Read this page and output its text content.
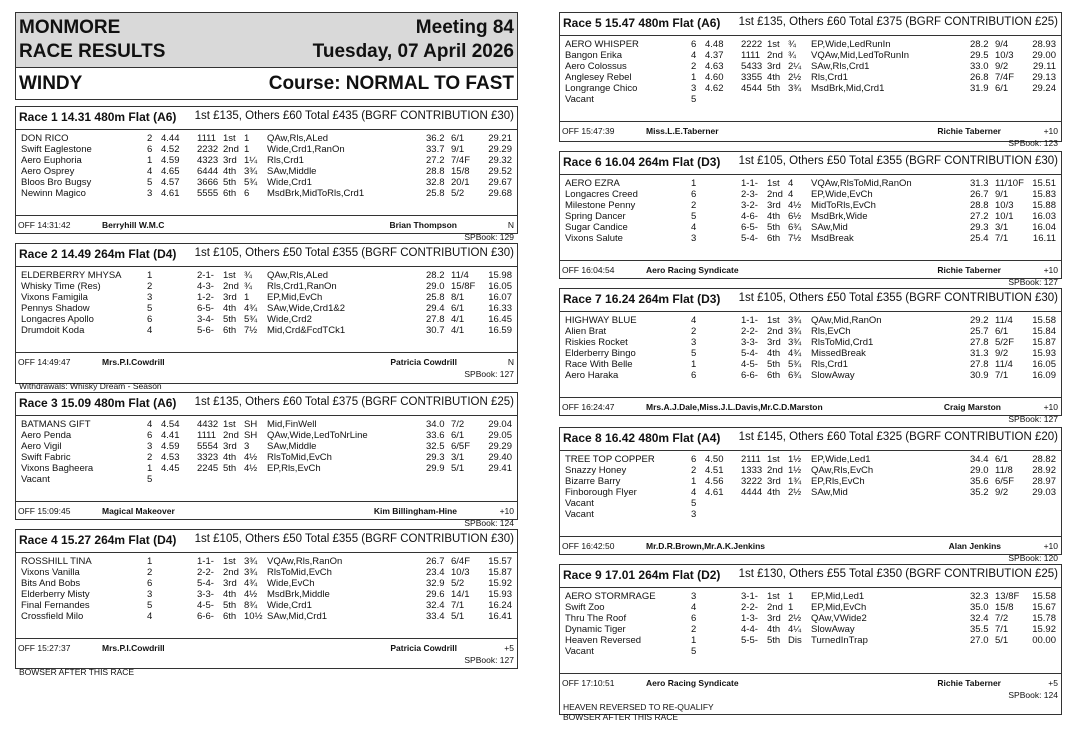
MONMORE
RACE RESULTS
Meeting 84
Tuesday, 07 April 2026
WINDY	Course: NORMAL TO FAST
Race 1 14.31 480m Flat (A6) 1st £135, Others £60 Total £435 (BGRF CONTRIBUTION £30)
DON RICO	2 4.44 1111 1st 1 QAw,Rls,ALed	36.2 6/1	29.21
Swift Eaglestone	6 4.52 2232 2nd 1 Wide,Crd1,RanOn	33.7 9/1	29.29
Aero Euphoria	1 4.59 4323 3rd 1¼ Rls,Crd1	27.2 7/4F 29.32
Aero Osprey	4 4.65 6444 4th 3¾ SAw,Middle	28.8 15/8 29.52
Bloos Bro Bugsy	5 4.57 3666 5th 5¾ Wide,Crd1	32.8 20/1 29.67
Newinn Magico	3 4.61 5555 6th 6 MsdBrk,MidToRls,Crd1	25.8 5/2	29.68
OFF 14:31:42	Berryhill W.M.C	Brian Thompson	N
SPBook: 129
Race 2 14.49 264m Flat (D4) 1st £105, Others £50 Total £355 (BGRF CONTRIBUTION £30)
ELDERBERRY MHYSA	1	2-1- 1st ¾ QAw,Rls,ALed	28.2 11/4 15.98
Whisky Time (Res)	2	4-3- 2nd ¾ Rls,Crd1,RanOn	29.0 15/8F 16.05
Vixons Famigila	3	1-2- 3rd 1 EP,Mid,EvCh	25.8 8/1	16.07
Pennys Shadow	5	6-5- 4th 4¾ SAw,Wide,Crd1&2	29.4 6/1	16.33
Longacres Apollo	6	3-4- 5th 5¾ Wide,Crd2	27.8 4/1	16.45
Drumdoit Koda	4	5-6- 6th 7½ Mid,Crd&FcdTCk1	30.7 4/1	16.59
OFF 14:49:47	Mrs.P.I.Cowdrill	Patricia Cowdrill	N
SPBook: 127
Withdrawals: Whisky Dream - Season
Race 3 15.09 480m Flat (A6) 1st £135, Others £60 Total £375 (BGRF CONTRIBUTION £25)
BATMANS GIFT	4 4.54 4432 1st SH Mid,FinWell	34.0 7/2	29.04
Aero Penda	6 4.41 1111 2nd SH QAw,Wide,LedToNrLine	33.6 6/1	29.05
Aero Vigil	3 4.59 5554 3rd 3 SAw,Middle	32.5 6/5F 29.29
Swift Fabric	2 4.53 3323 4th 4½ RlsToMid,EvCh	29.3 3/1	29.40
Vixons Bagheera	1 4.45 2245 5th 4½ EP,Rls,EvCh	29.9 5/1	29.41
Vacant	5
OFF 15:09:45	Magical Makeover	Kim Billingham-Hine	+10
SPBook: 124
Race 4 15.27 264m Flat (D4) 1st £105, Others £50 Total £355 (BGRF CONTRIBUTION £30)
ROSSHILL TINA	1	1-1- 1st 3¾ VQAw,Rls,RanOn	26.7 6/4F 15.57
Vixons Vanilla	2	2-2- 2nd 3¾ RlsToMid,EvCh	23.4 10/3 15.87
Bits And Bobs	6	5-4- 3rd 4¾ Wide,EvCh	32.9 5/2	15.92
Elderberry Misty	3	3-3- 4th 4½ MsdBrk,Middle	29.6 14/1 15.93
Final Fernandes	5	4-5- 5th 8¾ Wide,Crd1	32.4 7/1	16.24
Crossfield Milo	4	6-6- 6th 10½ SAw,Mid,Crd1	33.4 5/1	16.41
OFF 15:27:37	Mrs.P.I.Cowdrill	Patricia Cowdrill	+5
SPBook: 127
BOWSER AFTER THIS RACE
Race 5 15.47 480m Flat (A6) 1st £135, Others £60 Total £375 (BGRF CONTRIBUTION £25)
AERO WHISPER	6 4.48 2222 1st ¾ EP,Wide,LedRunIn	28.2 9/4	28.93
Bangon Erika	4 4.37 1111 2nd ¾ VQAw,Mid,LedToRunIn	29.5 10/3 29.00
Aero Colossus	2 4.63 5433 3rd 2¼ SAw,Rls,Crd1	33.0 9/2	29.11
Anglesey Rebel	1 4.60 3355 4th 2½ Rls,Crd1	26.8 7/4F 29.13
Longrange Chico	3 4.62 4544 5th 3¾ MsdBrk,Mid,Crd1	31.9 6/1	29.24
Vacant	5
OFF 15:47:39	Miss.L.E.Taberner	Richie Taberner	+10
SPBook: 123
Race 6 16.04 264m Flat (D3) 1st £105, Others £50 Total £355 (BGRF CONTRIBUTION £30)
AERO EZRA	1	1-1- 1st 4 VQAw,RlsToMid,RanOn	31.3 11/10F 15.51
Longacres Creed	6	2-3- 2nd 4 EP,Wide,EvCh	26.7 9/1	15.83
Milestone Penny	2	3-2- 3rd 4½ MidToRls,EvCh	28.8 10/3 15.88
Spring Dancer	5	4-6- 4th 6½ MsdBrk,Wide	27.2 10/1 16.03
Sugar Candice	4	6-5- 5th 6¾ SAw,Mid	29.3 3/1	16.04
Vixons Salute	3	5-4- 6th 7½ MsdBreak	25.4 7/1	16.11
OFF 16:04:54	Aero Racing Syndicate	Richie Taberner	+10
SPBook: 127
Race 7 16.24 264m Flat (D3) 1st £105, Others £50 Total £355 (BGRF CONTRIBUTION £30)
HIGHWAY BLUE	4	1-1- 1st 3¾ QAw,Mid,RanOn	29.2 11/4 15.58
Alien Brat	2	2-2- 2nd 3¾ Rls,EvCh	25.7 6/1	15.84
Riskies Rocket	3	3-3- 3rd 3¾ RlsToMid,Crd1	27.8 5/2F 15.87
Elderberry Bingo	5	5-4- 4th 4¾ MissedBreak	31.3 9/2	15.93
Race With Belle	1	4-5- 5th 5¾ Rls,Crd1	27.8 11/4 16.05
Aero Haraka	6	6-6- 6th 6¾ SlowAway	30.9 7/1	16.09
OFF 16:24:47	Mrs.A.J.Dale,Miss.J.L.Davis,Mr.C.D.Marston	Craig Marston	+10
SPBook: 127
Race 8 16.42 480m Flat (A4) 1st £145, Others £60 Total £325 (BGRF CONTRIBUTION £20)
TREE TOP COPPER	6 4.50 2111 1st 1½ EP,Wide,Led1	34.4 6/1	28.82
Snazzy Honey	2 4.51 1333 2nd 1½ QAw,Rls,EvCh	29.0 11/8 28.92
Bizarre Barry	1 4.56 3222 3rd 1¾ EP,Rls,EvCh	35.6 6/5F 28.97
Finborough Flyer	4 4.61 4444 4th 2½ SAw,Mid	35.2 9/2	29.03
Vacant	5
Vacant	3
OFF 16:42:50	Mr.D.R.Brown,Mr.A.K.Jenkins	Alan Jenkins	+10
SPBook: 120
Race 9 17.01 264m Flat (D2) 1st £130, Others £55 Total £350 (BGRF CONTRIBUTION £25)
AERO STORMRAGE	3	3-1- 1st 1 EP,Mid,Led1	32.3 13/8F 15.58
Swift Zoo	4	2-2- 2nd 1 EP,Mid,EvCh	35.0 15/8 15.67
Thru The Roof	6	1-3- 3rd 2½ QAw,VWide2	32.4 7/2	15.78
Dynamic Tiger	2	4-4- 4th 4¼ SlowAway	35.5 7/1	15.92
Heaven Reversed	1	5-5- 5th Dis TurnedInTrap	27.0 5/1	00.00
Vacant	5
OFF 17:10:51	Aero Racing Syndicate	Richie Taberner	+5
SPBook: 124
HEAVEN REVERSED TO RE-QUALIFY
BOWSER AFTER THIS RACE
